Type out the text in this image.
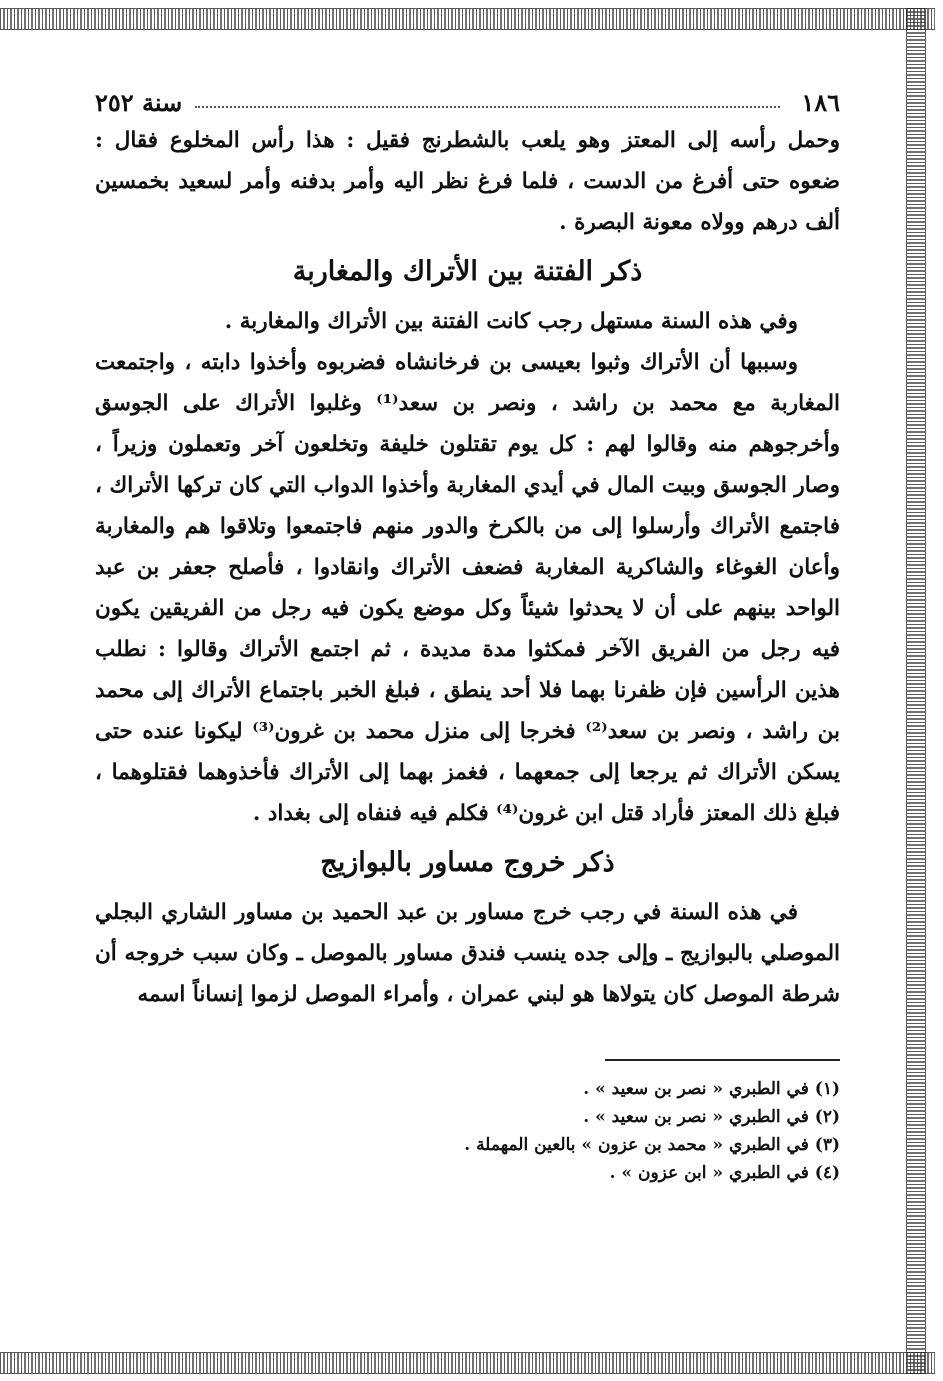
١٨٦
سنة ٢٥٢

وحمل رأسه إلى المعتز وهو يلعب بالشطرنج فقيل : هذا رأس المخلوع فقال : ضعوه حتى أفرغ من الدست ، فلما فرغ نظر اليه وأمر بدفنه وأمر لسعيد بخمسين ألف درهم وولاه معونة البصرة .

ذكر الفتنة بين الأتراك والمغاربة

وفي هذه السنة مستهل رجب كانت الفتنة بين الأتراك والمغاربة .

وسببها أن الأتراك وثبوا بعيسى بن فرخانشاه فضربوه وأخذوا دابته ، واجتمعت المغاربة مع محمد بن راشد ، ونصر بن سعد⁽¹⁾ وغلبوا الأتراك على الجوسق وأخرجوهم منه وقالوا لهم : كل يوم تقتلون خليفة وتخلعون آخر وتعملون وزيراً ، وصار الجوسق وبيت المال في أيدي المغاربة وأخذوا الدواب التي كان تركها الأتراك ، فاجتمع الأتراك وأرسلوا إلى من بالكرخ والدور منهم فاجتمعوا وتلاقوا هم والمغاربة وأعان الغوغاء والشاكرية المغاربة فضعف الأتراك وانقادوا ، فأصلح جعفر بن عبد الواحد بينهم على أن لا يحدثوا شيئاً وكل موضع يكون فيه رجل من الفريقين يكون فيه رجل من الفريق الآخر فمكثوا مدة مديدة ، ثم اجتمع الأتراك وقالوا : نطلب هذين الرأسين فإن ظفرنا بهما فلا أحد ينطق ، فبلغ الخبر باجتماع الأتراك إلى محمد بن راشد ، ونصر بن سعد⁽²⁾ فخرجا إلى منزل محمد بن غرون⁽³⁾ ليكونا عنده حتى يسكن الأتراك ثم يرجعا إلى جمعهما ، فغمز بهما إلى الأتراك فأخذوهما فقتلوهما ، فبلغ ذلك المعتز فأراد قتل ابن غرون⁽⁴⁾ فكلم فيه فنفاه إلى بغداد .

ذكر خروج مساور بالبوازيج

في هذه السنة في رجب خرج مساور بن عبد الحميد بن مساور الشاري البجلي الموصلي بالبوازيج ـ وإلى جده ينسب فندق مساور بالموصل ـ وكان سبب خروجه أن شرطة الموصل كان يتولاها هو لبني عمران ، وأمراء الموصل لزموا إنساناً اسمه

(١) في الطبري « نصر بن سعيد » .
(٢) في الطبري « نصر بن سعيد » .
(٣) في الطبري « محمد بن عزون » بالعين المهملة .
(٤) في الطبري « ابن عزون » .
